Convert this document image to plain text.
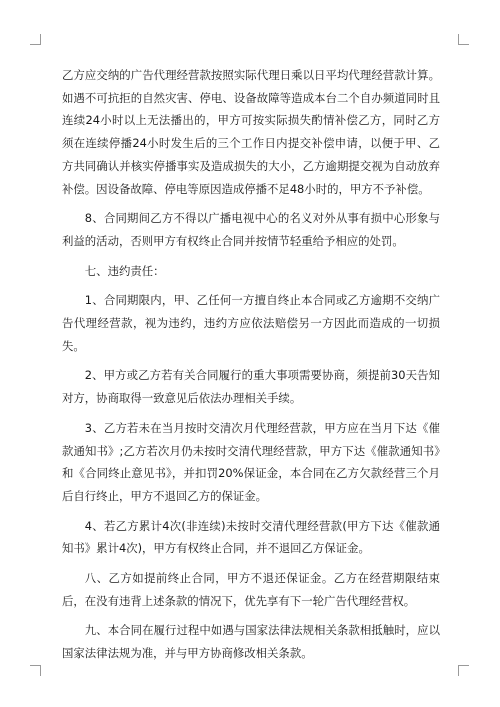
乙方应交纳的广告代理经营款按照实际代理日乘以日平均代理经营款计算。如遇不可抗拒的自然灾害、停电、设备故障等造成本台二个自办频道同时且连续24小时以上无法播出的，甲方可按实际损失酌情补偿乙方，同时乙方须在连续停播24小时发生后的三个工作日内提交补偿申请，以便于甲、乙方共同确认并核实停播事实及造成损失的大小，乙方逾期提交视为自动放弃补偿。因设备故障、停电等原因造成停播不足48小时的，甲方不予补偿。

8、合同期间乙方不得以广播电视中心的名义对外从事有损中心形象与利益的活动，否则甲方有权终止合同并按情节轻重给予相应的处罚。

七、违约责任：

1、合同期限内，甲、乙任何一方擅自终止本合同或乙方逾期不交纳广告代理经营款，视为违约，违约方应依法赔偿另一方因此而造成的一切损失。

2、甲方或乙方若有关合同履行的重大事项需要协商，须提前30天告知对方，协商取得一致意见后依法办理相关手续。

3、乙方若未在当月按时交清次月代理经营款，甲方应在当月下达《催款通知书》;乙方若次月仍未按时交清代理经营款，甲方下达《催款通知书》和《合同终止意见书》，并扣罚20%保证金，本合同在乙方欠款经营三个月后自行终止，甲方不退回乙方的保证金。

4、若乙方累计4次(非连续)未按时交清代理经营款(甲方下达《催款通知书》累计4次)，甲方有权终止合同，并不退回乙方保证金。

八、乙方如提前终止合同，甲方不退还保证金。乙方在经营期限结束后，在没有违背上述条款的情况下，优先享有下一轮广告代理经营权。

九、本合同在履行过程中如遇与国家法律法规相关条款相抵触时，应以国家法律法规为准，并与甲方协商修改相关条款。
